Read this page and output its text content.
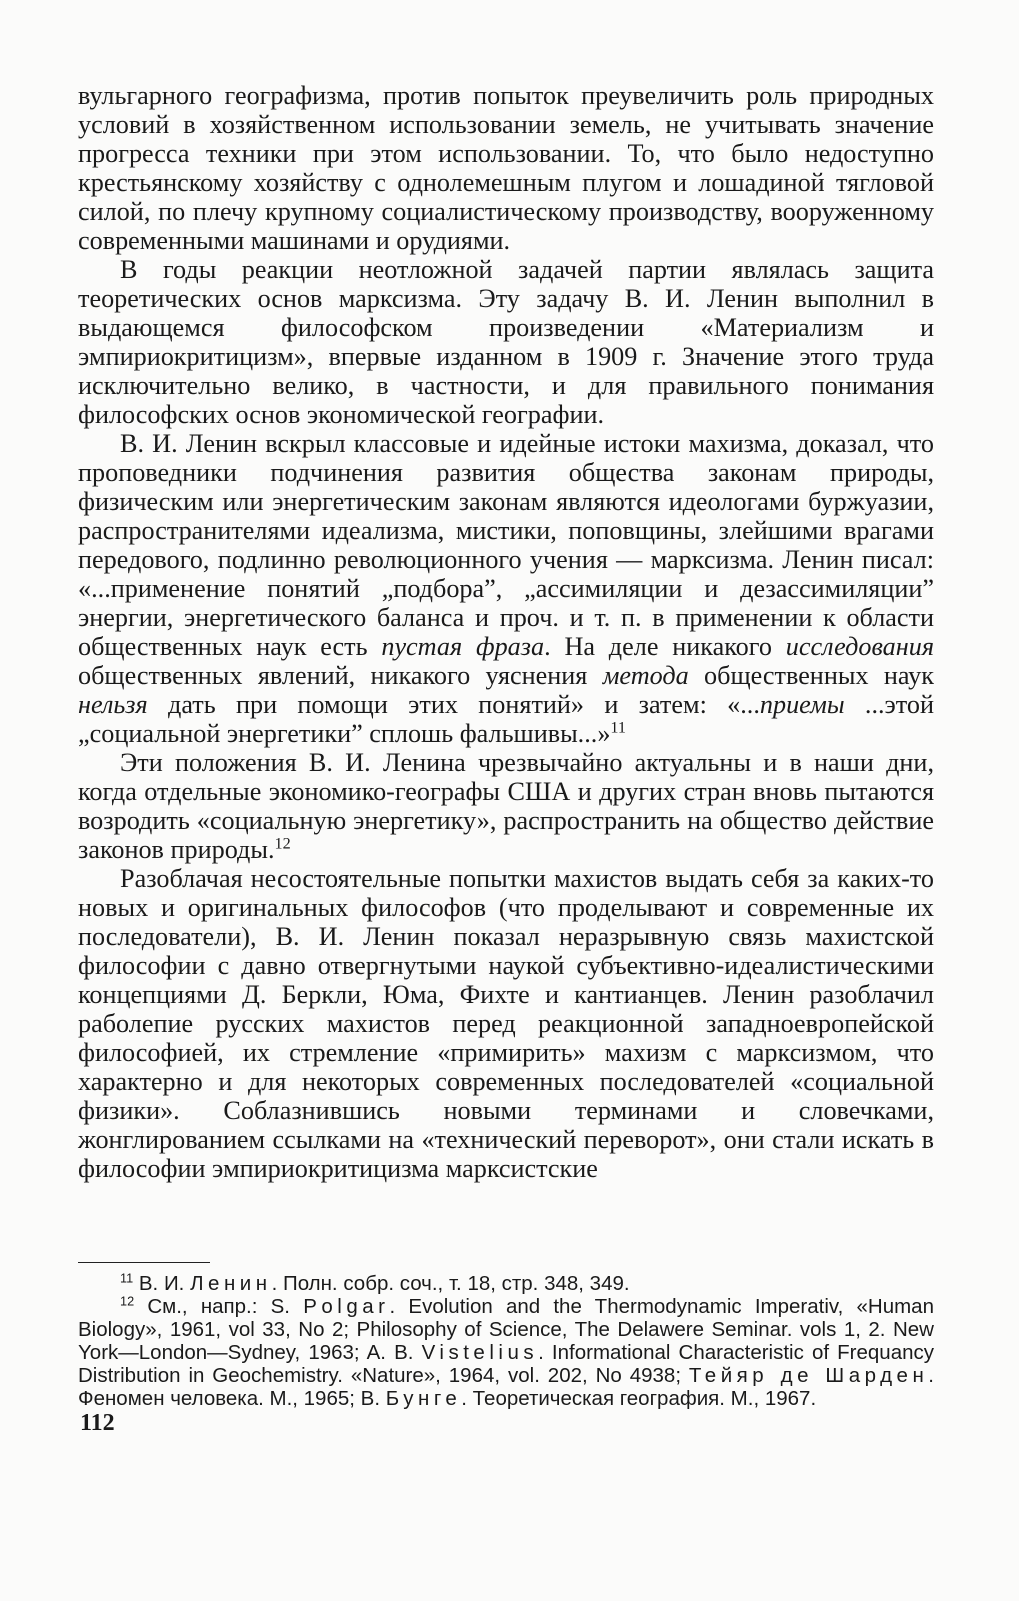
вульгарного географизма, против попыток преувеличить роль природных условий в хозяйственном использовании земель, не учитывать значение прогресса техники при этом использовании. То, что было недоступно крестьянскому хозяйству с однолемешным плугом и лошадиной тягловой силой, по плечу крупному социалистическому производству, вооруженному современными машинами и орудиями.

В годы реакции неотложной задачей партии являлась защита теоретических основ марксизма. Эту задачу В. И. Ленин выполнил в выдающемся философском произведении «Материализм и эмпириокритицизм», впервые изданном в 1909 г. Значение этого труда исключительно велико, в частности, и для правильного понимания философских основ экономической географии.

В. И. Ленин вскрыл классовые и идейные истоки махизма, доказал, что проповедники подчинения развития общества законам природы, физическим или энергетическим законам являются идеологами буржуазии, распространителями идеализма, мистики, поповщины, злейшими врагами передового, подлинно революционного учения — марксизма. Ленин писал: «...применение понятий „подбора”, „ассимиляции и дезассимиляции” энергии, энергетического баланса и проч. и т. п. в применении к области общественных наук есть пустая фраза. На деле никакого исследования общественных явлений, никакого уяснения метода общественных наук нельзя дать при помощи этих понятий» и затем: «...приемы ...этой „социальной энергетики” сплошь фальшивы...»$^{11}$

Эти положения В. И. Ленина чрезвычайно актуальны и в наши дни, когда отдельные экономико-географы США и других стран вновь пытаются возродить «социальную энергетику», распространить на общество действие законов природы.$^{12}$

Разоблачая несостоятельные попытки махистов выдать себя за каких-то новых и оригинальных философов (что проделывают и современные их последователи), В. И. Ленин показал неразрывную связь махистской философии с давно отвергнутыми наукой субъективно-идеалистическими концепциями Д. Беркли, Юма, Фихте и кантианцев. Ленин разоблачил раболепие русских махистов перед реакционной западноевропейской философией, их стремление «примирить» махизм с марксизмом, что характерно и для некоторых современных последователей «социальной физики». Соблазнившись новыми терминами и словечками, жонглированием ссылками на «технический переворот», они стали искать в философии эмпириокритицизма марксистские

$^{11}$ В. И. Ленин. Полн. собр. соч., т. 18, стр. 348, 349.

$^{12}$ См., напр.: S. Polgar. Evolution and the Thermodynamic Imperativ, «Human Biology», 1961, vol 33, No 2; Philosophy of Science, The Delawere Seminar. vols 1, 2. New York—London—Sydney, 1963; A. B. Vistelius. Informational Characteristic of Frequancy Distribution in Geochemistry. «Nature», 1964, vol. 202, No 4938; Тейяр де Шарден. Феномен человека. М., 1965; В. Бунге. Теоретическая география. М., 1967.

112
